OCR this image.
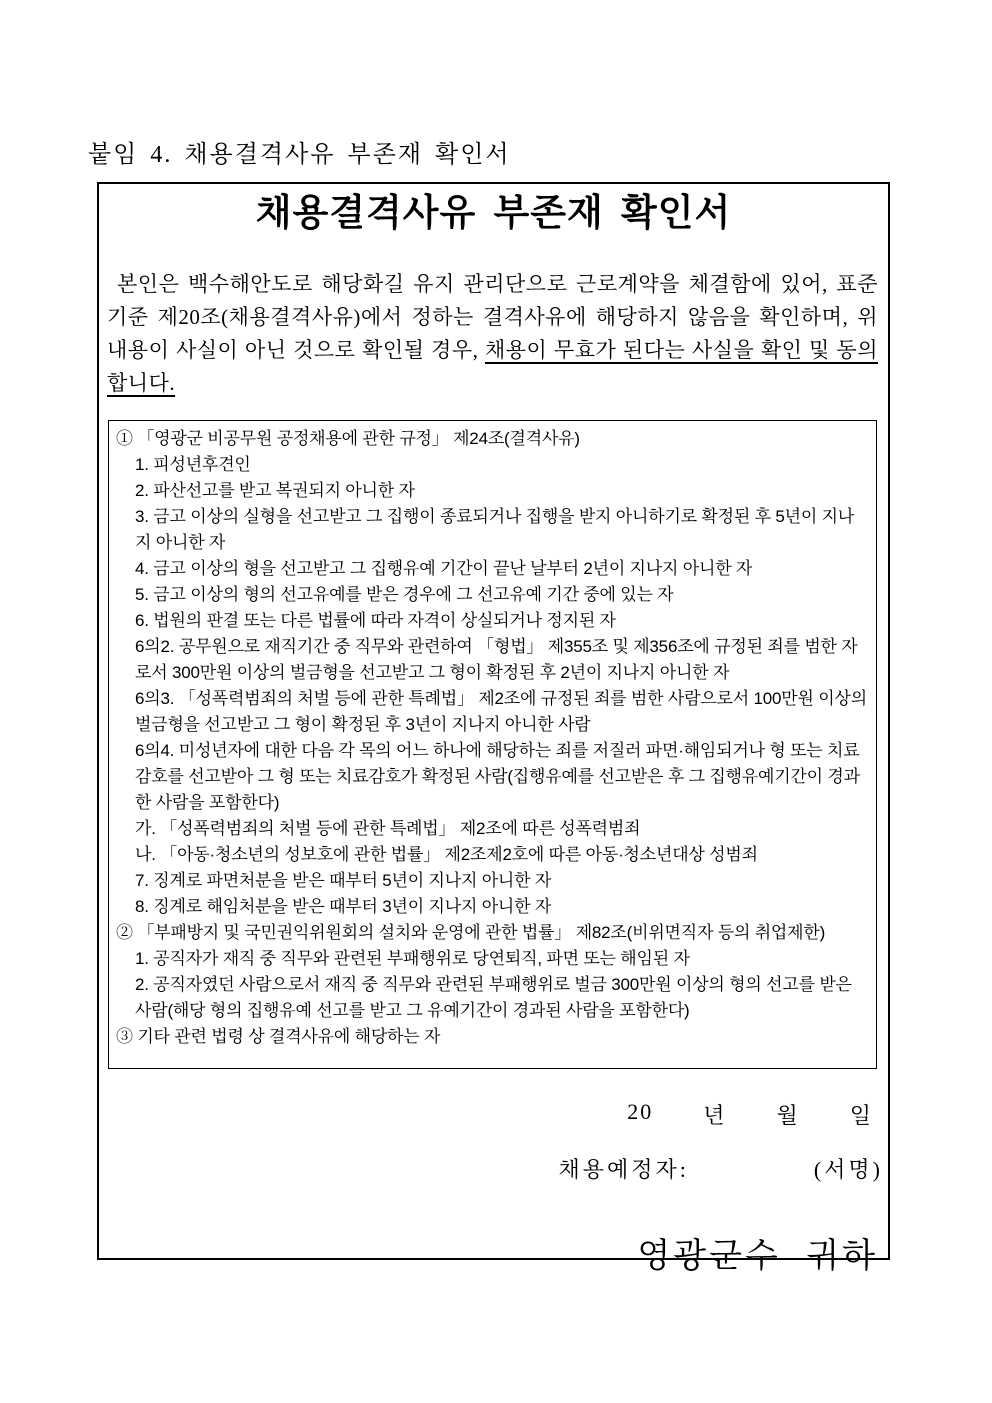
붙임 4. 채용결격사유 부존재 확인서
채용결격사유 부존재 확인서
본인은 백수해안도로 해당화길 유지 관리단으로 근로계약을 체결함에 있어, 표준 기준 제20조(채용결격사유)에서 정하는 결격사유에 해당하지 않음을 확인하며, 위 내용이 사실이 아닌 것으로 확인될 경우, 채용이 무효가 된다는 사실을 확인 및 동의합니다.
① 「영광군 비공무원 공정채용에 관한 규정」 제24조(결격사유)
1. 피성년후견인
2. 파산선고를 받고 복권되지 아니한 자
3. 금고 이상의 실형을 선고받고 그 집행이 종료되거나 집행을 받지 아니하기로 확정된 후 5년이 지나지 아니한 자
4. 금고 이상의 형을 선고받고 그 집행유예 기간이 끝난 날부터 2년이 지나지 아니한 자
5. 금고 이상의 형의 선고유예를 받은 경우에 그 선고유예 기간 중에 있는 자
6. 법원의 판결 또는 다른 법률에 따라 자격이 상실되거나 정지된 자
6의2. 공무원으로 재직기간 중 직무와 관련하여 「형법」 제355조 및 제356조에 규정된 죄를 범한 자로서 300만원 이상의 벌금형을 선고받고 그 형이 확정된 후 2년이 지나지 아니한 자
6의3. 「성폭력범죄의 처벌 등에 관한 특례법」 제2조에 규정된 죄를 범한 사람으로서 100만원 이상의 벌금형을 선고받고 그 형이 확정된 후 3년이 지나지 아니한 사람
6의4. 미성년자에 대한 다음 각 목의 어느 하나에 해당하는 죄를 저질러 파면·해임되거나 형 또는 치료감호를 선고받아 그 형 또는 치료감호가 확정된 사람(집행유예를 선고받은 후 그 집행유예기간이 경과한 사람을 포함한다)
가. 「성폭력범죄의 처벌 등에 관한 특례법」 제2조에 따른 성폭력범죄
나. 「아동·청소년의 성보호에 관한 법률」 제2조제2호에 따른 아동·청소년대상 성범죄
7. 징계로 파면처분을 받은 때부터 5년이 지나지 아니한 자
8. 징계로 해임처분을 받은 때부터 3년이 지나지 아니한 자
② 「부패방지 및 국민권익위원회의 설치와 운영에 관한 법률」 제82조(비위면직자 등의 취업제한)
1. 공직자가 재직 중 직무와 관련된 부패행위로 당연퇴직, 파면 또는 해임된 자
2. 공직자였던 사람으로서 재직 중 직무와 관련된 부패행위로 벌금 300만원 이상의 형의 선고를 받은 사람(해당 형의 집행유예 선고를 받고 그 유예기간이 경과된 사람을 포함한다)
③ 기타 관련 법령 상 결격사유에 해당하는 자
20 년 월 일
채용예정자:	(서명)
영광군수 귀하
